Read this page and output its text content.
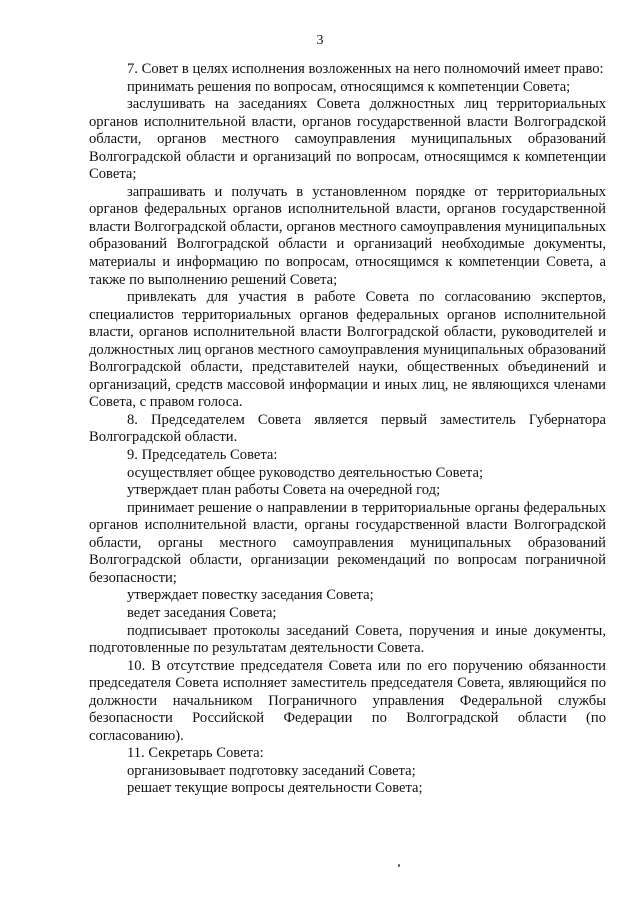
3

7. Совет в целях исполнения возложенных на него полномочий имеет право:

принимать решения по вопросам, относящимся к компетенции Совета;

заслушивать на заседаниях Совета должностных лиц территориальных органов исполнительной власти, органов государственной власти Волгоградской области, органов местного самоуправления муниципальных образований Волгоградской области и организаций по вопросам, относящимся к компетенции Совета;

запрашивать и получать в установленном порядке от территориальных органов федеральных органов исполнительной власти, органов государственной власти Волгоградской области, органов местного самоуправления муниципальных образований Волгоградской области и организаций необходимые документы, материалы и информацию по вопросам, относящимся к компетенции Совета, а также по выполнению решений Совета;

привлекать для участия в работе Совета по согласованию экспертов, специалистов территориальных органов федеральных органов исполнительной власти, органов исполнительной власти Волгоградской области, руководителей и должностных лиц органов местного самоуправления муниципальных образований Волгоградской области, представителей науки, общественных объединений и организаций, средств массовой информации и иных лиц, не являющихся членами Совета, с правом голоса.

8. Председателем Совета является первый заместитель Губернатора Волгоградской области.

9. Председатель Совета:

осуществляет общее руководство деятельностью Совета;

утверждает план работы Совета на очередной год;

принимает решение о направлении в территориальные органы федеральных органов исполнительной власти, органы государственной власти Волгоградской области, органы местного самоуправления муниципальных образований Волгоградской области, организации рекомендаций по вопросам пограничной безопасности;

утверждает повестку заседания Совета;

ведет заседания Совета;

подписывает протоколы заседаний Совета, поручения и иные документы, подготовленные по результатам деятельности Совета.

10. В отсутствие председателя Совета или по его поручению обязанности председателя Совета исполняет заместитель председателя Совета, являющийся по должности начальником Пограничного управления Федеральной службы безопасности Российской Федерации по Волгоградской области (по согласованию).

11. Секретарь Совета:

организовывает подготовку заседаний Совета;

решает текущие вопросы деятельности Совета;
